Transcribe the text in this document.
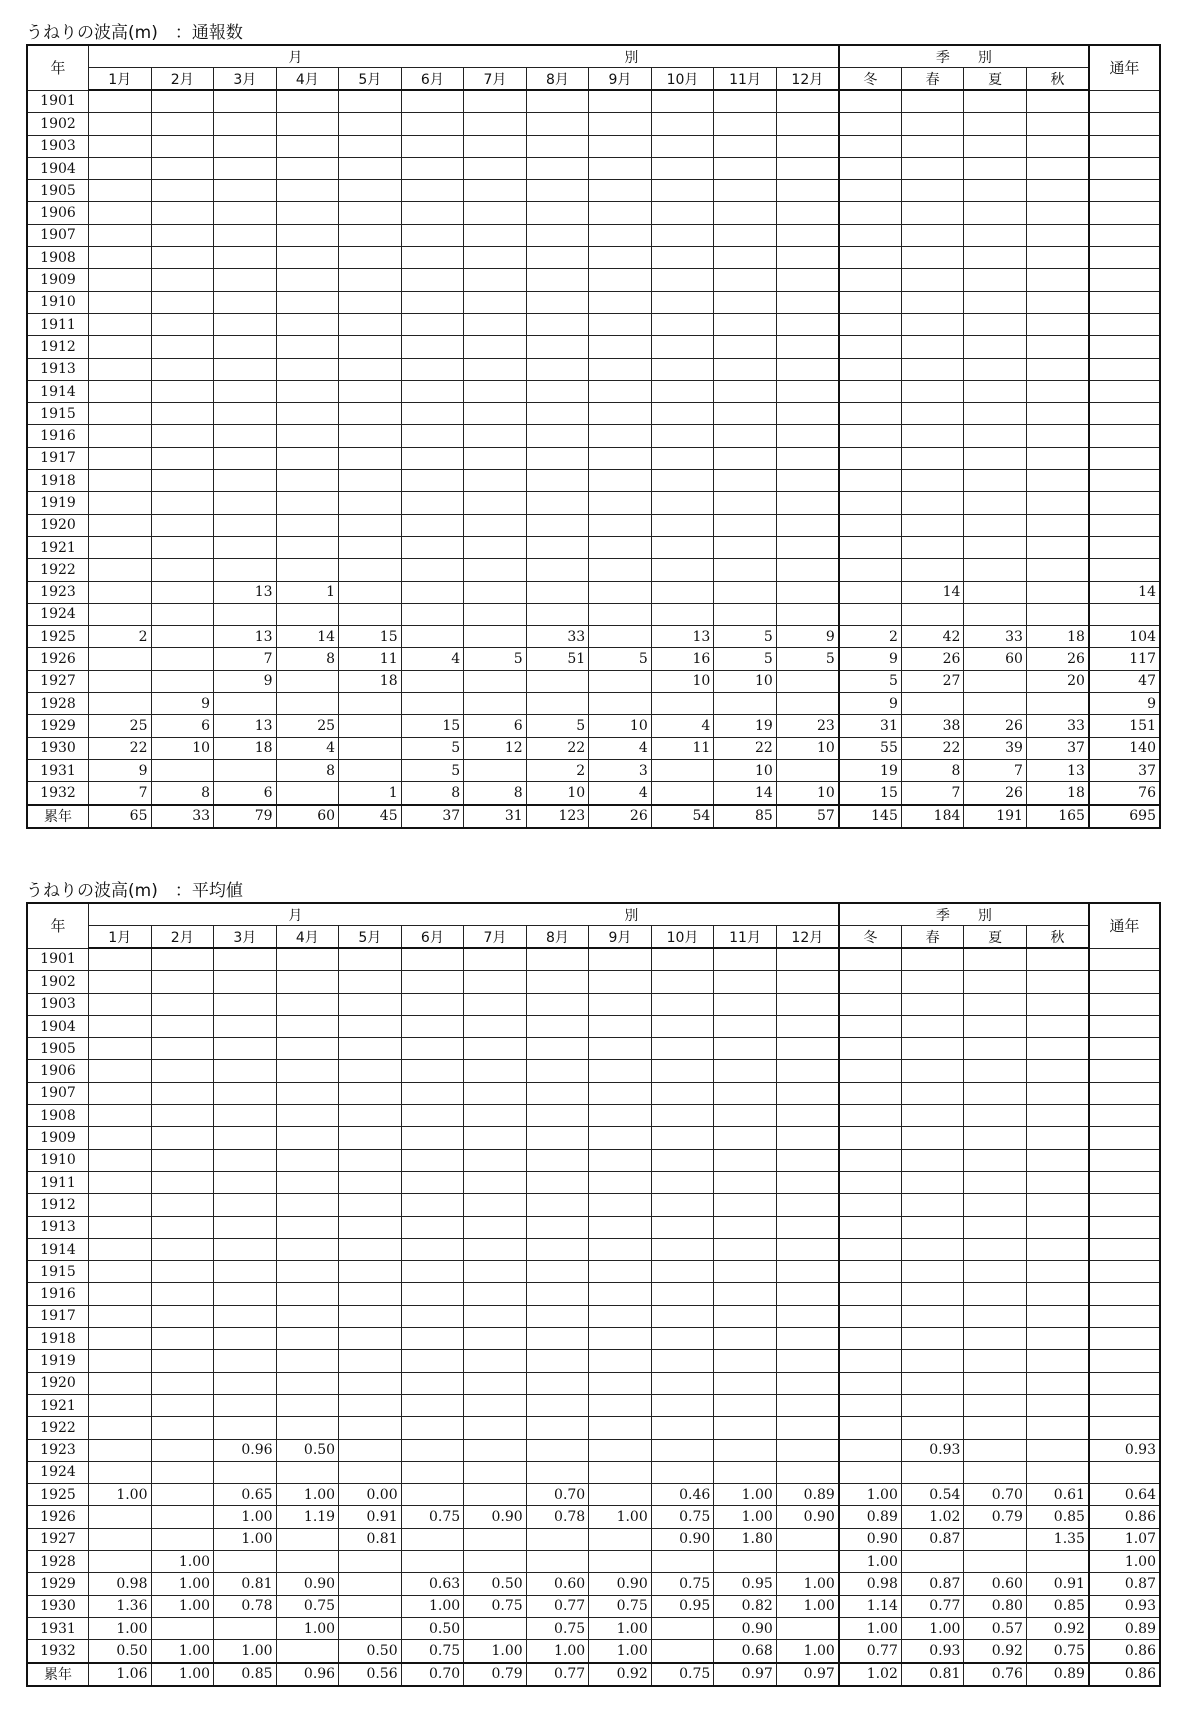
うねりの波高(m)　：通報数
年	月　　　　　　　　　　　　　　　　　　　　　　　別												季　　別				通年
	1月	2月	3月	4月	5月	6月	7月	8月	9月	10月	11月	12月	冬	春	夏	秋	
1901																	
1902																	
1903																	
1904																	
1905																	
1906																	
1907																	
1908																	
1909																	
1910																	
1911																	
1912																	
1913																	
1914																	
1915																	
1916																	
1917																	
1918																	
1919																	
1920																	
1921																	
1922																	
1923			13	1										14			14
1924																	
1925	2		13	14	15			33		13	5	9	2	42	33	18	104
1926			7	8	11	4	5	51	5	16	5	5	9	26	60	26	117
1927			9		18					10	10		5	27		20	47
1928		9											9				9
1929	25	6	13	25		15	6	5	10	4	19	23	31	38	26	33	151
1930	22	10	18	4		5	12	22	4	11	22	10	55	22	39	37	140
1931	9			8		5		2	3		10		19	8	7	13	37
1932	7	8	6		1	8	8	10	4		14	10	15	7	26	18	76
累年	65	33	79	60	45	37	31	123	26	54	85	57	145	184	191	165	695
うねりの波高(m)　：平均値
年	月　　　　　　　　　　　　　　　　　　　　　　　別												季　　別				通年
	1月	2月	3月	4月	5月	6月	7月	8月	9月	10月	11月	12月	冬	春	夏	秋	
1901																	
1902																	
1903																	
1904																	
1905																	
1906																	
1907																	
1908																	
1909																	
1910																	
1911																	
1912																	
1913																	
1914																	
1915																	
1916																	
1917																	
1918																	
1919																	
1920																	
1921																	
1922																	
1923			0.96	0.50										0.93			0.93
1924																	
1925	1.00		0.65	1.00	0.00			0.70		0.46	1.00	0.89	1.00	0.54	0.70	0.61	0.64
1926			1.00	1.19	0.91	0.75	0.90	0.78	1.00	0.75	1.00	0.90	0.89	1.02	0.79	0.85	0.86
1927			1.00		0.81					0.90	1.80		0.90	0.87		1.35	1.07
1928		1.00											1.00				1.00
1929	0.98	1.00	0.81	0.90		0.63	0.50	0.60	0.90	0.75	0.95	1.00	0.98	0.87	0.60	0.91	0.87
1930	1.36	1.00	0.78	0.75		1.00	0.75	0.77	0.75	0.95	0.82	1.00	1.14	0.77	0.80	0.85	0.93
1931	1.00			1.00		0.50		0.75	1.00		0.90		1.00	1.00	0.57	0.92	0.89
1932	0.50	1.00	1.00		0.50	0.75	1.00	1.00	1.00		0.68	1.00	0.77	0.93	0.92	0.75	0.86
累年	1.06	1.00	0.85	0.96	0.56	0.70	0.79	0.77	0.92	0.75	0.97	0.97	1.02	0.81	0.76	0.89	0.86
